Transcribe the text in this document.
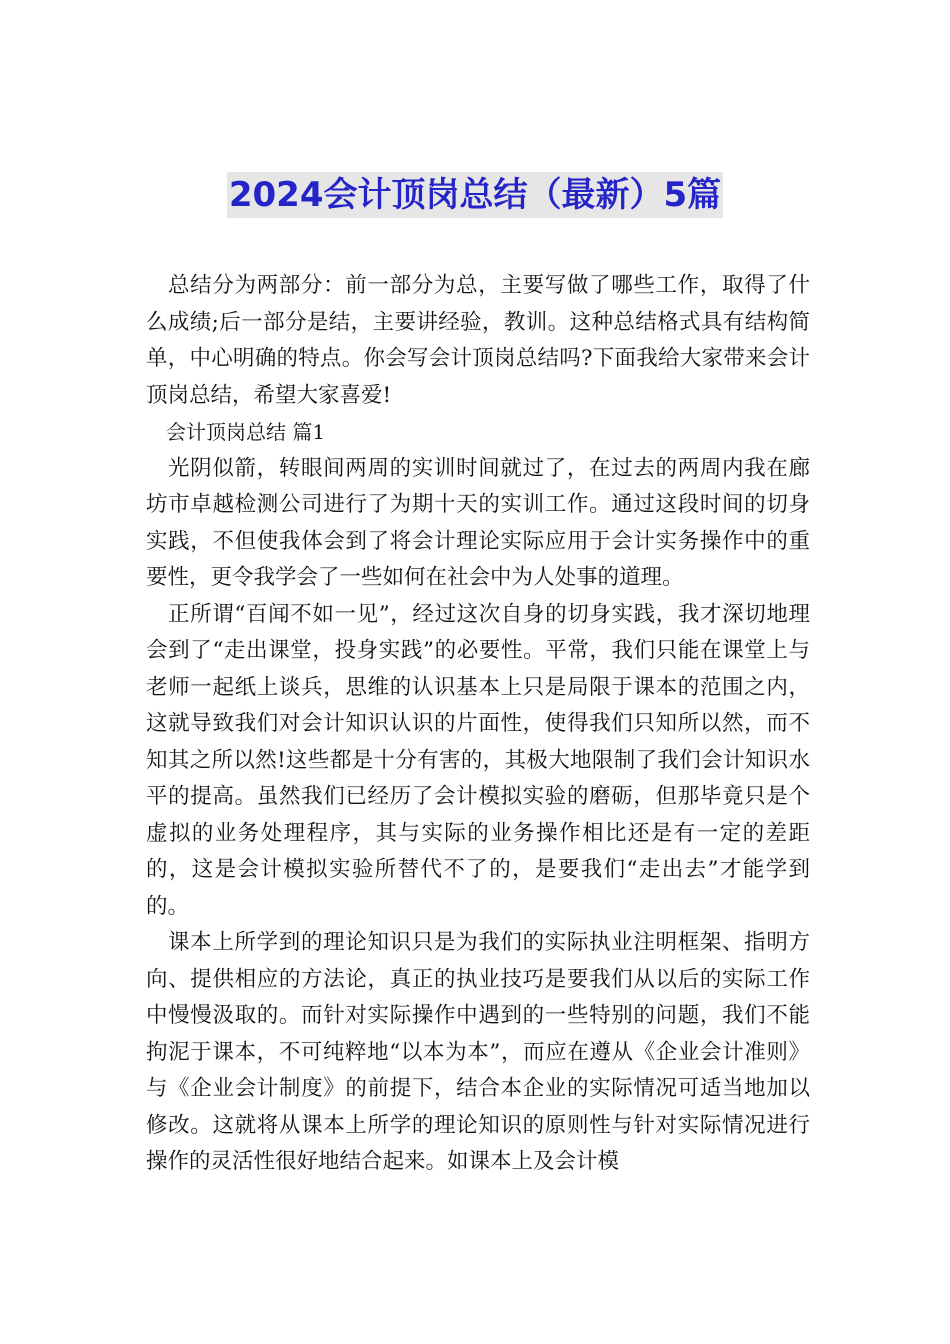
2024会计顶岗总结（最新）5篇

总结分为两部分：前一部分为总，主要写做了哪些工作，取得了什么成绩;后一部分是结，主要讲经验，教训。这种总结格式具有结构简单，中心明确的特点。你会写会计顶岗总结吗?下面我给大家带来会计顶岗总结，希望大家喜爱!

会计顶岗总结 篇1

光阴似箭，转眼间两周的实训时间就过了，在过去的两周内我在廊坊市卓越检测公司进行了为期十天的实训工作。通过这段时间的切身实践，不但使我体会到了将会计理论实际应用于会计实务操作中的重要性，更令我学会了一些如何在社会中为人处事的道理。

正所谓“百闻不如一见”，经过这次自身的切身实践，我才深切地理会到了“走出课堂，投身实践”的必要性。平常，我们只能在课堂上与老师一起纸上谈兵，思维的认识基本上只是局限于课本的范围之内，这就导致我们对会计知识认识的片面性，使得我们只知所以然，而不知其之所以然!这些都是十分有害的，其极大地限制了我们会计知识水平的提高。虽然我们已经历了会计模拟实验的磨砺，但那毕竟只是个虚拟的业务处理程序，其与实际的业务操作相比还是有一定的差距的，这是会计模拟实验所替代不了的，是要我们“走出去”才能学到的。

课本上所学到的理论知识只是为我们的实际执业注明框架、指明方向、提供相应的方法论，真正的执业技巧是要我们从以后的实际工作中慢慢汲取的。而针对实际操作中遇到的一些特别的问题，我们不能拘泥于课本，不可纯粹地“以本为本”，而应在遵从《企业会计准则》与《企业会计制度》的前提下，结合本企业的实际情况可适当地加以修改。这就将从课本上所学的理论知识的原则性与针对实际情况进行操作的灵活性很好地结合起来。如课本上及会计模
